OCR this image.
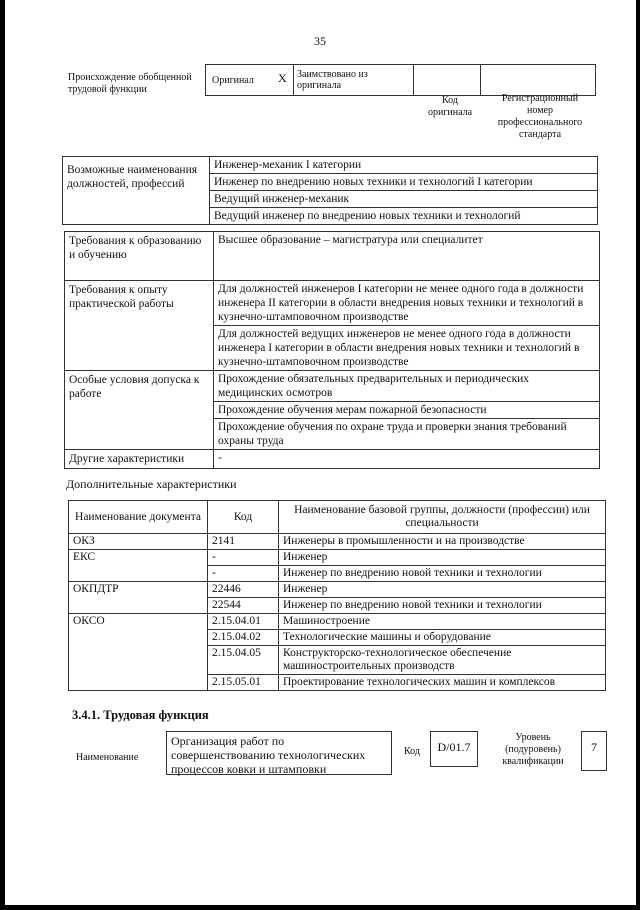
35
Происхождение обобщенной трудовой функции
Оригинал X	Заимствовано из оригинала
Код оригинала
Регистрационный номер профессионального стандарта
Возможные наименования должностей, профессий	
Инженер-механик I категории
Инженер по внедрению новых техники и технологий I категории
Ведущий инженер-механик
Ведущий инженер по внедрению новых техники и технологий
Требования к образованию и обучению	Высшее образование – магистратура или специалитет

Требования к опыту практической работы	Для должностей инженеров I категории не менее одного года в должности инженера II категории в области внедрения новых техники и технологий в кузнечно-штамповочном производстве
Для должностей ведущих инженеров не менее одного года в должности инженера I категории в области внедрения новых техники и технологий в кузнечно-штамповочном производстве

Особые условия допуска к работе	Прохождение обязательных предварительных и периодических медицинских осмотров
Прохождение обучения мерам пожарной безопасности
Прохождение обучения по охране труда и проверки знания требований охраны труда

Другие характеристики	-
Дополнительные характеристики
Наименование документа	Код	Наименование базовой группы, должности (профессии) или специальности
ОКЗ	2141	Инженеры в промышленности и на производстве
ЕКС	-	Инженер
	-	Инженер по внедрению новой техники и технологии
ОКПДТР	22446	Инженер
	22544	Инженер по внедрению новой техники и технологии
ОКСО	2.15.04.01	Машиностроение
	2.15.04.02	Технологические машины и оборудование
	2.15.04.05	Конструкторско-технологическое обеспечение машиностроительных производств
	2.15.05.01	Проектирование технологических машин и комплексов
3.4.1. Трудовая функция
Наименование
Организация работ по совершенствованию технологических процессов ковки и штамповки
Код	D/01.7
Уровень (подуровень) квалификации
7
